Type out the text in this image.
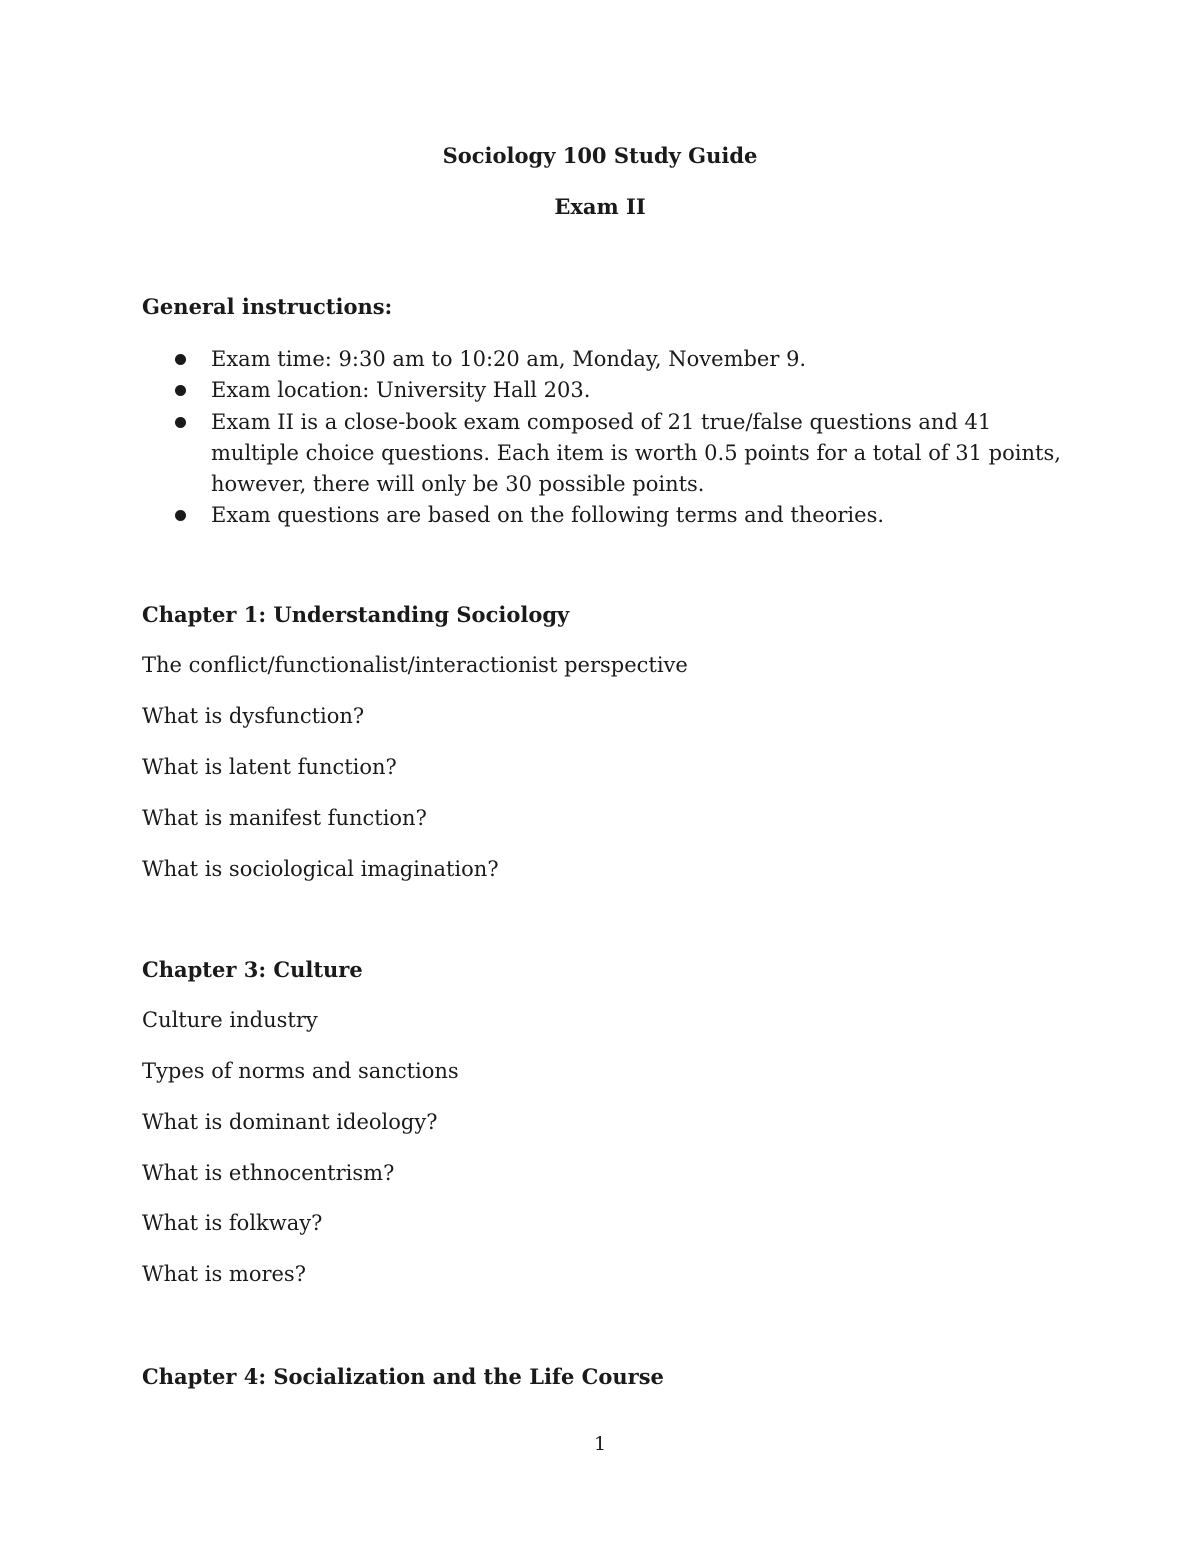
Sociology 100 Study Guide
Exam II

General instructions:

Exam time: 9:30 am to 10:20 am, Monday, November 9.
Exam location: University Hall 203.
Exam II is a close-book exam composed of 21 true/false questions and 41 multiple choice questions. Each item is worth 0.5 points for a total of 31 points, however, there will only be 30 possible points.
Exam questions are based on the following terms and theories.

Chapter 1: Understanding Sociology

The conflict/functionalist/interactionist perspective

What is dysfunction?

What is latent function?

What is manifest function?

What is sociological imagination?

Chapter 3: Culture

Culture industry

Types of norms and sanctions

What is dominant ideology?

What is ethnocentrism?

What is folkway?

What is mores?

Chapter 4: Socialization and the Life Course

1
